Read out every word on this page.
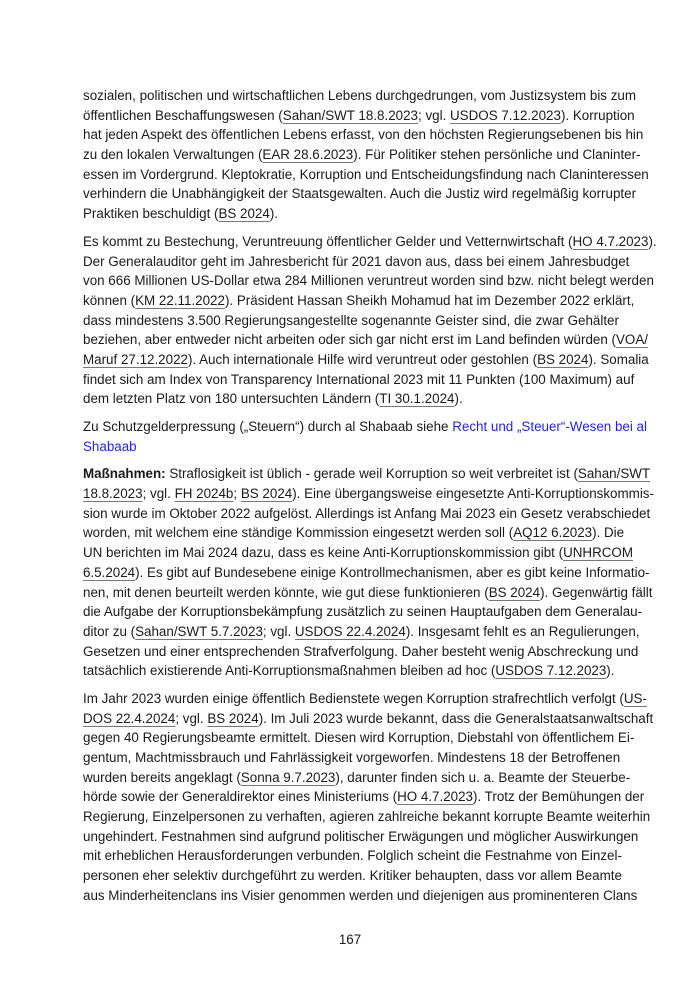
sozialen, politischen und wirtschaftlichen Lebens durchgedrungen, vom Justizsystem bis zum
öffentlichen Beschaffungswesen (Sahan/SWT 18.8.2023; vgl. USDOS 7.12.2023). Korruption
hat jeden Aspekt des öffentlichen Lebens erfasst, von den höchsten Regierungsebenen bis hin
zu den lokalen Verwaltungen (EAR 28.6.2023). Für Politiker stehen persönliche und Claninter-
essen im Vordergrund. Kleptokratie, Korruption und Entscheidungsfindung nach Claninteressen
verhindern die Unabhängigkeit der Staatsgewalten. Auch die Justiz wird regelmäßig korrupter
Praktiken beschuldigt (BS 2024).
Es kommt zu Bestechung, Veruntreuung öffentlicher Gelder und Vetternwirtschaft (HO 4.7.2023).
Der Generalauditor geht im Jahresbericht für 2021 davon aus, dass bei einem Jahresbudget
von 666 Millionen US-Dollar etwa 284 Millionen veruntreut worden sind bzw. nicht belegt werden
können (KM 22.11.2022). Präsident Hassan Sheikh Mohamud hat im Dezember 2022 erklärt,
dass mindestens 3.500 Regierungsangestellte sogenannte Geister sind, die zwar Gehälter
beziehen, aber entweder nicht arbeiten oder sich gar nicht erst im Land befinden würden (VOA/
Maruf 27.12.2022). Auch internationale Hilfe wird veruntreut oder gestohlen (BS 2024). Somalia
findet sich am Index von Transparency International 2023 mit 11 Punkten (100 Maximum) auf
dem letzten Platz von 180 untersuchten Ländern (TI 30.1.2024).
Zu Schutzgelderpressung („Steuern“) durch al Shabaab siehe Recht und „Steuer“-Wesen bei al
Shabaab
Maßnahmen: Straflosigkeit ist üblich - gerade weil Korruption so weit verbreitet ist (Sahan/SWT
18.8.2023; vgl. FH 2024b; BS 2024). Eine übergangsweise eingesetzte Anti-Korruptionskommis-
sion wurde im Oktober 2022 aufgelöst. Allerdings ist Anfang Mai 2023 ein Gesetz verabschiedet
worden, mit welchem eine ständige Kommission eingesetzt werden soll (AQ12 6.2023). Die
UN berichten im Mai 2024 dazu, dass es keine Anti-Korruptionskommission gibt (UNHRCOM
6.5.2024). Es gibt auf Bundesebene einige Kontrollmechanismen, aber es gibt keine Informatio-
nen, mit denen beurteilt werden könnte, wie gut diese funktionieren (BS 2024). Gegenwärtig fällt
die Aufgabe der Korruptionsbekämpfung zusätzlich zu seinen Hauptaufgaben dem Generalau-
ditor zu (Sahan/SWT 5.7.2023; vgl. USDOS 22.4.2024). Insgesamt fehlt es an Regulierungen,
Gesetzen und einer entsprechenden Strafverfolgung. Daher besteht wenig Abschreckung und
tatsächlich existierende Anti-Korruptionsmaßnahmen bleiben ad hoc (USDOS 7.12.2023).
Im Jahr 2023 wurden einige öffentlich Bedienstete wegen Korruption strafrechtlich verfolgt (US-
DOS 22.4.2024; vgl. BS 2024). Im Juli 2023 wurde bekannt, dass die Generalstaatsanwaltschaft
gegen 40 Regierungsbeamte ermittelt. Diesen wird Korruption, Diebstahl von öffentlichem Ei-
gentum, Machtmissbrauch und Fahrlässigkeit vorgeworfen. Mindestens 18 der Betroffenen
wurden bereits angeklagt (Sonna 9.7.2023), darunter finden sich u. a. Beamte der Steuerbe-
hörde sowie der Generaldirektor eines Ministeriums (HO 4.7.2023). Trotz der Bemühungen der
Regierung, Einzelpersonen zu verhaften, agieren zahlreiche bekannt korrupte Beamte weiterhin
ungehindert. Festnahmen sind aufgrund politischer Erwägungen und möglicher Auswirkungen
mit erheblichen Herausforderungen verbunden. Folglich scheint die Festnahme von Einzel-
personen eher selektiv durchgeführt zu werden. Kritiker behaupten, dass vor allem Beamte
aus Minderheitenclans ins Visier genommen werden und diejenigen aus prominenteren Clans
167
